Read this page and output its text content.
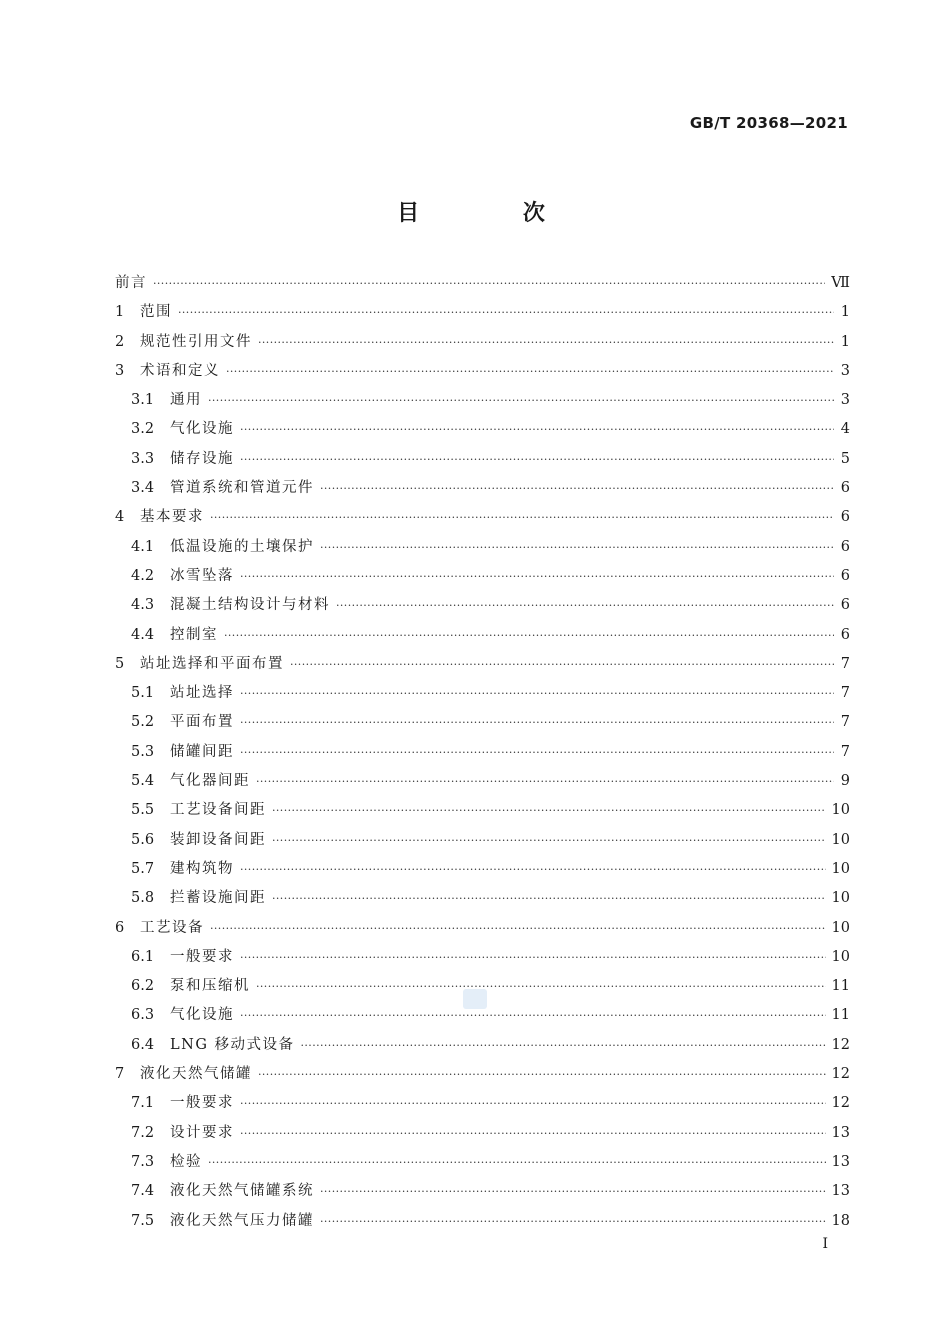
GB/T 20368—2021
目 次
前言 ·····	Ⅶ
1	范围 ·····	1
2	规范性引用文件 ·····	1
3	术语和定义 ·····	3
3.1	通用 ·····	3
3.2	气化设施 ·····	4
3.3	储存设施 ·····	5
3.4	管道系统和管道元件 ·····	6
4	基本要求 ·····	6
4.1	低温设施的土壤保护 ·····	6
4.2	冰雪坠落 ·····	6
4.3	混凝土结构设计与材料 ·····	6
4.4	控制室 ·····	6
5	站址选择和平面布置 ·····	7
5.1	站址选择 ·····	7
5.2	平面布置 ·····	7
5.3	储罐间距 ·····	7
5.4	气化器间距 ·····	9
5.5	工艺设备间距 ·····	10
5.6	装卸设备间距 ·····	10
5.7	建构筑物 ·····	10
5.8	拦蓄设施间距 ·····	10
6	工艺设备 ·····	10
6.1	一般要求 ·····	10
6.2	泵和压缩机 ·····	11
6.3	气化设施 ·····	11
6.4	LNG 移动式设备 ·····	12
7	液化天然气储罐 ·····	12
7.1	一般要求 ·····	12
7.2	设计要求 ·····	13
7.3	检验 ·····	13
7.4	液化天然气储罐系统 ·····	13
7.5	液化天然气压力储罐 ·····	18
I
